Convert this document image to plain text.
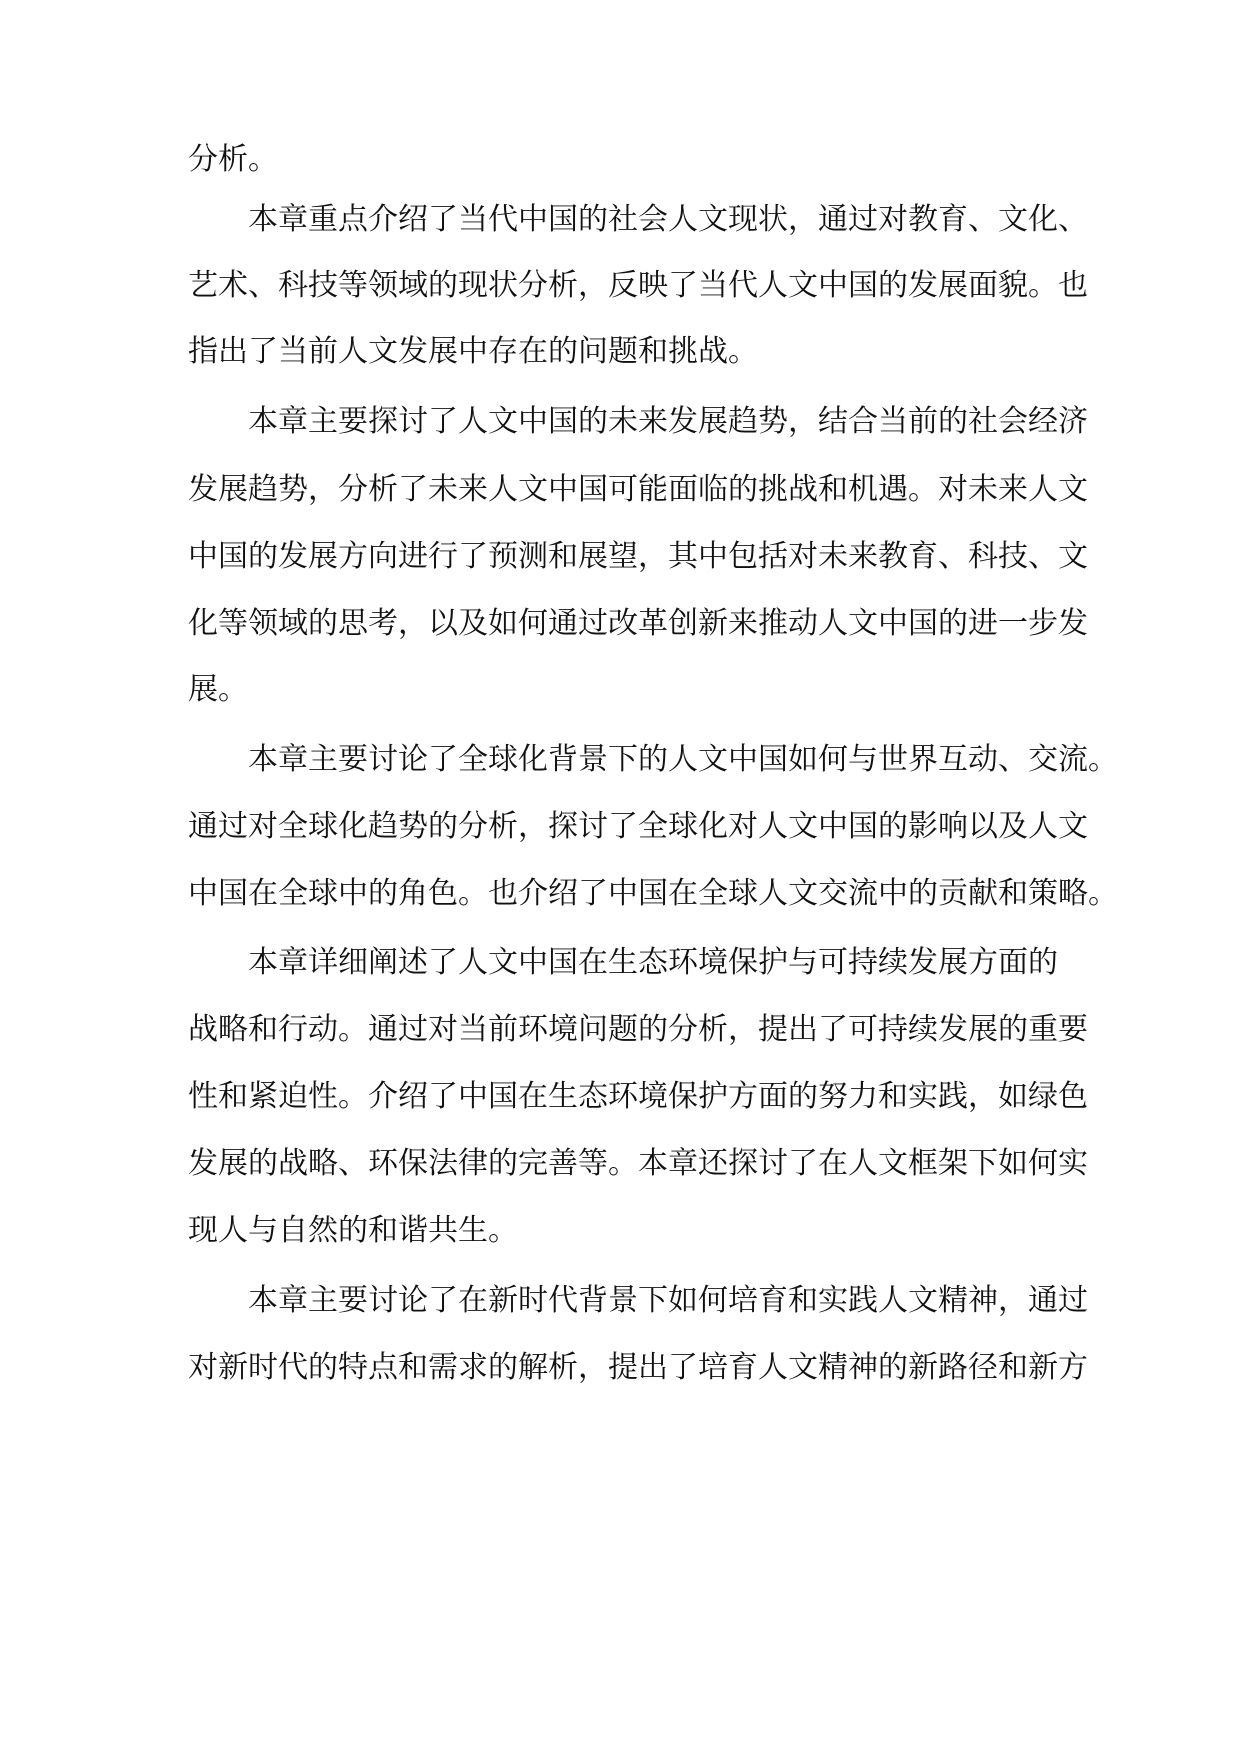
分析。
本章重点介绍了当代中国的社会人文现状，通过对教育、文化、
艺术、科技等领域的现状分析，反映了当代人文中国的发展面貌。也
指出了当前人文发展中存在的问题和挑战。
本章主要探讨了人文中国的未来发展趋势，结合当前的社会经济
发展趋势，分析了未来人文中国可能面临的挑战和机遇。对未来人文
中国的发展方向进行了预测和展望，其中包括对未来教育、科技、文
化等领域的思考，以及如何通过改革创新来推动人文中国的进一步发
展。
本章主要讨论了全球化背景下的人文中国如何与世界互动、交流。
通过对全球化趋势的分析，探讨了全球化对人文中国的影响以及人文
中国在全球中的角色。也介绍了中国在全球人文交流中的贡献和策略。
本章详细阐述了人文中国在生态环境保护与可持续发展方面的
战略和行动。通过对当前环境问题的分析，提出了可持续发展的重要
性和紧迫性。介绍了中国在生态环境保护方面的努力和实践，如绿色
发展的战略、环保法律的完善等。本章还探讨了在人文框架下如何实
现人与自然的和谐共生。
本章主要讨论了在新时代背景下如何培育和实践人文精神，通过
对新时代的特点和需求的解析，提出了培育人文精神的新路径和新方
